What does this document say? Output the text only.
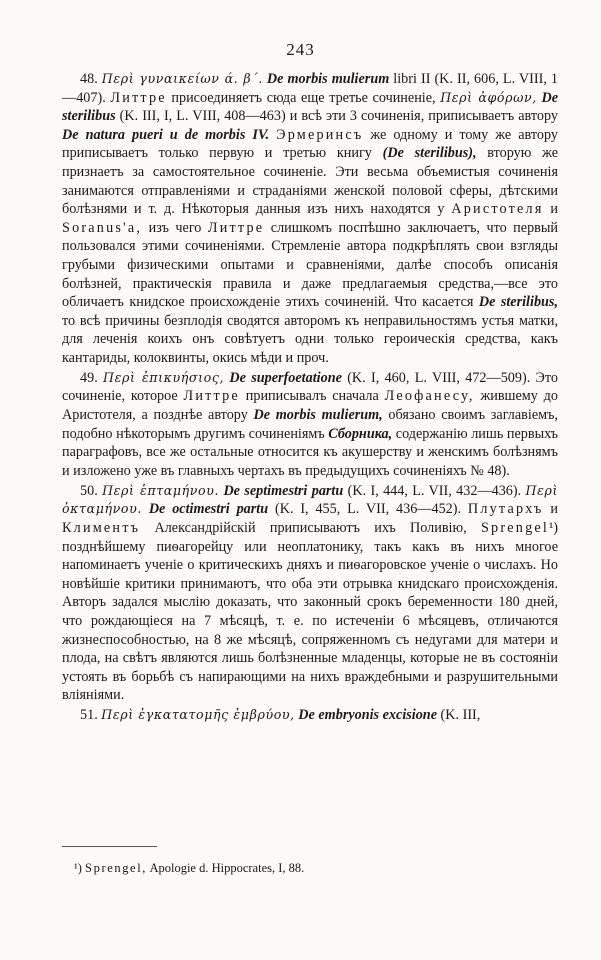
243

48. Περὶ γυναικείων ά. β΄. De morbis mulierum libri II (K. II, 606, L. VIII, 1—407). Литтре присоединяетъ сюда еще третье сочиненіе, Περὶ ἀφόρων, De sterilibus (K. III, I, L. VIII, 408—463) и всѣ эти 3 сочиненія, приписываетъ автору De natura pueri и de morbis IV. Эрмеринсъ же одному и тому же автору приписываетъ только первую и третью книгу (De sterilibus), вторую же признаетъ за самостоятельное сочиненіе. Эти весьма объемистыя сочиненія занимаются отправленіями и страданіями женской половой сферы, дѣтскими болѣзнями и т. д. Нѣкоторыя данныя изъ нихъ находятся у Аристотеля и Soranus'a, изъ чего Литтре слишкомъ поспѣшно заключаетъ, что первый пользовался этими сочиненіями. Стремленіе автора подкрѣплять свои взгляды грубыми физическими опытами и сравненіями, далѣе способъ описанія болѣзней, практическія правила и даже предлагаемыя средства,—все это обличаетъ книдское происхожденіе этихъ сочиненій. Что касается De sterilibus, то всѣ причины безплодія сводятся авторомъ къ неправильностямъ устья матки, для леченія коихъ онъ совѣтуетъ одни только героическія средства, какъ кантариды, колоквинты, окись мѣди и проч.

49. Περὶ ἐπικυήσιος, De superfoetatione (K. I, 460, L. VIII, 472—509). Это сочиненіе, которое Литтре приписывалъ сначала Леофанесу, жившему до Аристотеля, а позднѣе автору De morbis mulierum, обязано своимъ заглавіемъ, подобно нѣкоторымъ другимъ сочиненіямъ Сборника, содержанію лишь первыхъ параграфовъ, все же остальные относится къ акушерству и женскимъ болѣзнямъ и изложено уже въ главныхъ чертахъ въ предыдущихъ сочиненіяхъ № 48).

50. Περὶ ἑπταμήνου. De septimestri partu (K. I, 444, L. VII, 432—436). Περὶ ὀκταμήνου. De octimestri partu (K. I, 455, L. VII, 436—452). Плутархъ и Климентъ Александрійскій приписываютъ ихъ Поливію, Sprengel¹) позднѣйшему пиѳагорейцу или неоплатонику, такъ какъ въ нихъ многое напоминаетъ ученіе о критическихъ дняхъ и пиѳагоровское ученіе о числахъ. Но новѣйшіе критики принимаютъ, что оба эти отрывка книдскаго происхожденія. Авторъ задался мыслію доказать, что законный срокъ беременности 180 дней, что рождающіеся на 7 мѣсяцѣ, т. е. по истеченіи 6 мѣсяцевъ, отличаются жизнеспособностью, на 8 же мѣсяцѣ, сопряженномъ съ недугами для матери и плода, на свѣтъ являются лишь болѣзненные младенцы, которые не въ состояніи устоять въ борьбѣ съ напирающими на нихъ враждебными и разрушительными вліяніями.

51. Περὶ ἐγκατατομῆς ἐμβρύου, De embryonis excisione (K. III,

¹) Sprengel, Apologie d. Hippocrates, I, 88.
